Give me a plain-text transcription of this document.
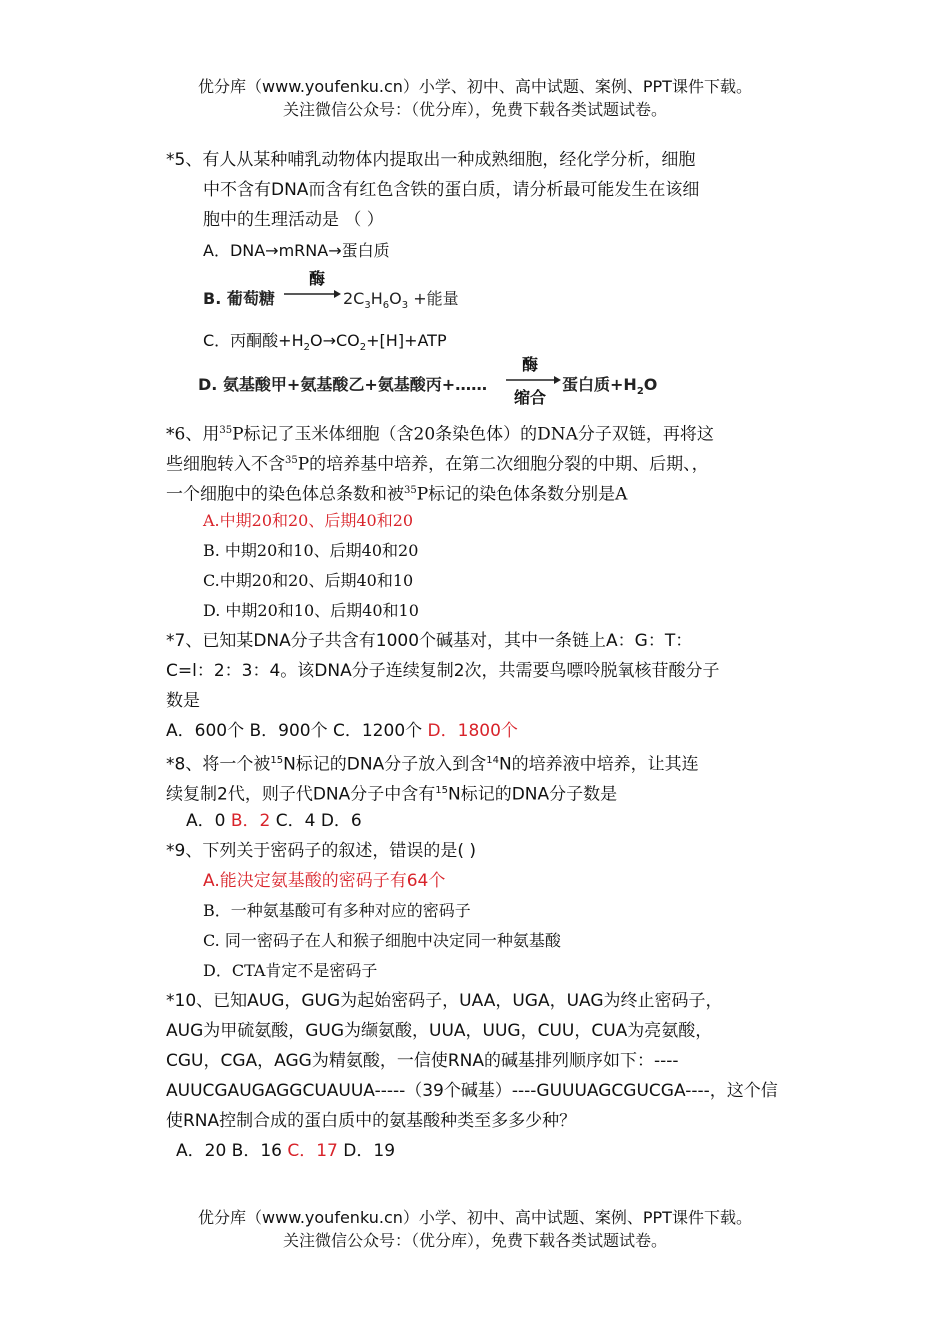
优分库（www.youfenku.cn）小学、初中、高中试题、案例、PPT课件下载。
关注微信公众号：（优分库），免费下载各类试题试卷。
*5、有人从某种哺乳动物体内提取出一种成熟细胞，经化学分析，细胞
中不含有DNA而含有红色含铁的蛋白质，请分析最可能发生在该细
胞中的生理活动是 （ ）
A．DNA→mRNA→蛋白质
B. 葡萄糖
酶
$2C_3H_6O_3$ +能量
C．丙酮酸$+H_2O\to CO_2+[H]+ATP$
D. 氨基酸甲+氨基酸乙+氨基酸丙+……
酶
缩合
蛋白质$+H_2O$
*6、用$^{35}$P标记了玉米体细胞（含20条染色体）的DNA分子双链，再将这
些细胞转入不含$^{35}$P的培养基中培养，在第二次细胞分裂的中期、后期、，
一个细胞中的染色体总条数和被$^{35}$P标记的染色体条数分别是A
A.中期20和20、后期40和20
B. 中期20和10、后期40和20
C.中期20和20、后期40和10
D. 中期20和10、后期40和10
*7、已知某DNA分子共含有1000个碱基对，其中一条链上A：G：T：
C=l：2：3：4。该DNA分子连续复制2次，共需要鸟嘌呤脱氧核苷酸分子
数是
A．600个 B．900个 C．1200个 D．1800个
*8、将一个被$^{15}$N标记的DNA分子放入到含$^{14}$N的培养液中培养，让其连
续复制2代，则子代DNA分子中含有$^{15}$N标记的DNA分子数是
A．0 B．2 C．4 D．6
*9、下列关于密码子的叙述，错误的是( )
A.能决定氨基酸的密码子有64个
B．一种氨基酸可有多种对应的密码子
C. 同一密码子在人和猴子细胞中决定同一种氨基酸
D．CTA肯定不是密码子
*10、已知AUG，GUG为起始密码子，UAA，UGA，UAG为终止密码子，
AUG为甲硫氨酸，GUG为缬氨酸，UUA，UUG，CUU，CUA为亮氨酸，
CGU，CGA，AGG为精氨酸，一信使RNA的碱基排列顺序如下：----
AUUCGAUGAGGCUAUUA-----（39个碱基）----GUUUAGCGUCGA----，这个信
使RNA控制合成的蛋白质中的氨基酸种类至多多少种？
A．20 B．16 C．17 D．19
优分库（www.youfenku.cn）小学、初中、高中试题、案例、PPT课件下载。
关注微信公众号：（优分库），免费下载各类试题试卷。
